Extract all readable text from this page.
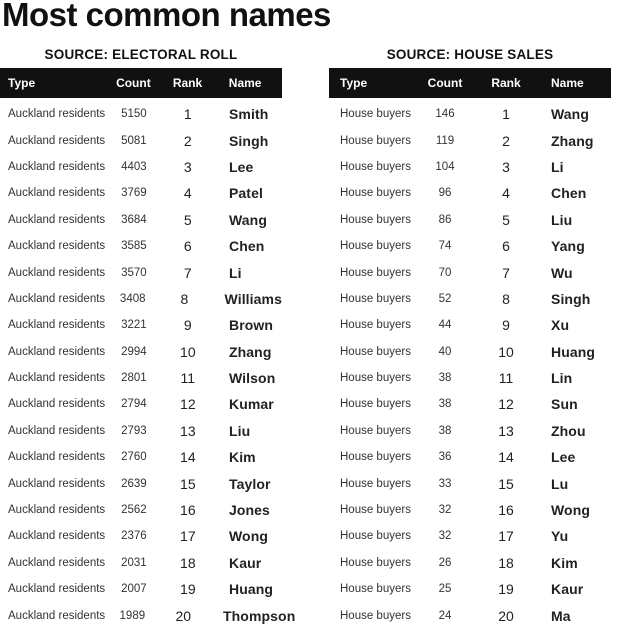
Most common names
SOURCE: ELECTORAL ROLL
Type	Count	Rank	Name
Auckland residents	5150	1	Smith
Auckland residents	5081	2	Singh
Auckland residents	4403	3	Lee
Auckland residents	3769	4	Patel
Auckland residents	3684	5	Wang
Auckland residents	3585	6	Chen
Auckland residents	3570	7	Li
Auckland residents	3408	8	Williams
Auckland residents	3221	9	Brown
Auckland residents	2994	10	Zhang
Auckland residents	2801	11	Wilson
Auckland residents	2794	12	Kumar
Auckland residents	2793	13	Liu
Auckland residents	2760	14	Kim
Auckland residents	2639	15	Taylor
Auckland residents	2562	16	Jones
Auckland residents	2376	17	Wong
Auckland residents	2031	18	Kaur
Auckland residents	2007	19	Huang
Auckland residents	1989	20	Thompson
SOURCE: HOUSE SALES
Type	Count	Rank	Name
House buyers	146	1	Wang
House buyers	119	2	Zhang
House buyers	104	3	Li
House buyers	96	4	Chen
House buyers	86	5	Liu
House buyers	74	6	Yang
House buyers	70	7	Wu
House buyers	52	8	Singh
House buyers	44	9	Xu
House buyers	40	10	Huang
House buyers	38	11	Lin
House buyers	38	12	Sun
House buyers	38	13	Zhou
House buyers	36	14	Lee
House buyers	33	15	Lu
House buyers	32	16	Wong
House buyers	32	17	Yu
House buyers	26	18	Kim
House buyers	25	19	Kaur
House buyers	24	20	Ma
